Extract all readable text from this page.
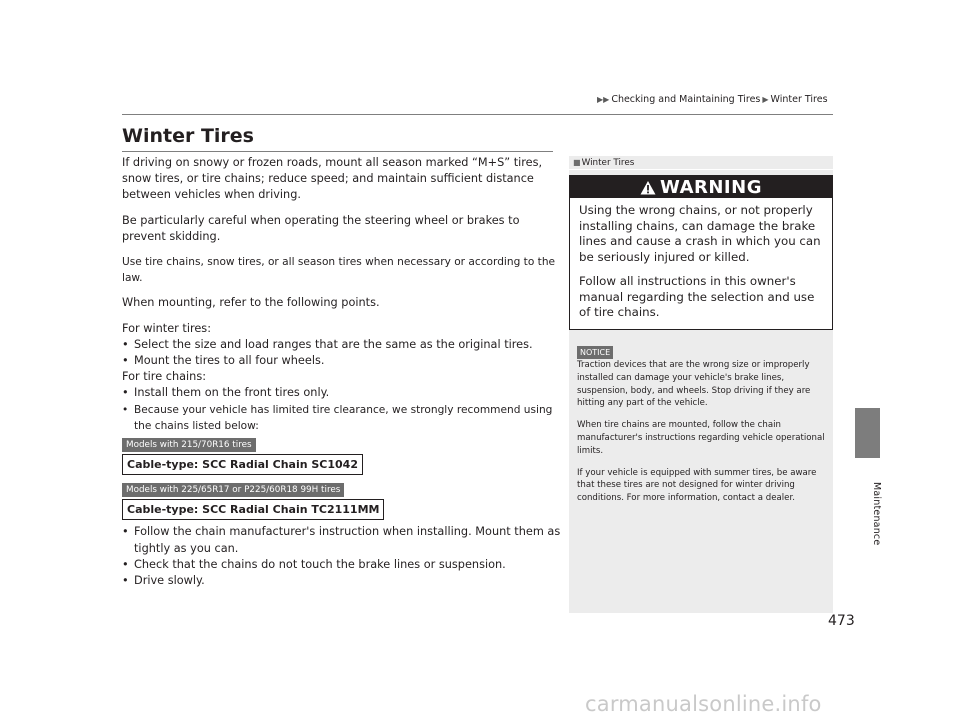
▶▶ Checking and Maintaining Tires ▶ Winter Tires
Maintenance
Winter Tires

If driving on snowy or frozen roads, mount all season marked “M+S” tires, snow tires, or tire chains; reduce speed; and maintain sufficient distance between vehicles when driving.

Be particularly careful when operating the steering wheel or brakes to prevent skidding.

Use tire chains, snow tires, or all season tires when necessary or according to the law.

When mounting, refer to the following points.

For winter tires:
• Select the size and load ranges that are the same as the original tires.
• Mount the tires to all four wheels.
For tire chains:
• Install them on the front tires only.
• Because your vehicle has limited tire clearance, we strongly recommend using the chains listed below:
Models with 215/70R16 tires
Cable-type: SCC Radial Chain SC1042
Models with 225/65R17 or P225/60R18 99H tires
Cable-type: SCC Radial Chain TC2111MM
• Follow the chain manufacturer's instruction when installing. Mount them as tightly as you can.
• Check that the chains do not touch the brake lines or suspension.
• Drive slowly.
■Winter Tires
WARNING

Using the wrong chains, or not properly installing chains, can damage the brake lines and cause a crash in which you can be seriously injured or killed.

Follow all instructions in this owner's manual regarding the selection and use of tire chains.

NOTICE

Traction devices that are the wrong size or improperly installed can damage your vehicle's brake lines, suspension, body, and wheels. Stop driving if they are hitting any part of the vehicle.

When tire chains are mounted, follow the chain manufacturer's instructions regarding vehicle operational limits.

If your vehicle is equipped with summer tires, be aware that these tires are not designed for winter driving conditions. For more information, contact a dealer.

473
carmanualsonline.info
